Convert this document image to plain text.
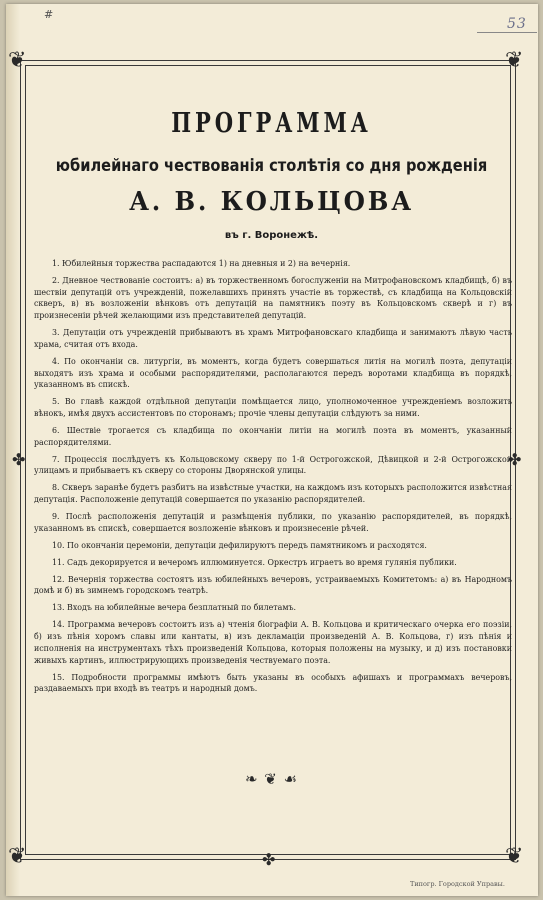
#
53
❦	❦
❦	❦
✤	✤
✤
ПРОГРАММА
юбилейнаго чествованія столѣтія со дня рожденія
А. В. КОЛЬЦОВА
въ г. Воронежѣ.
1. Юбилейныя торжества распадаются 1) на дневныя и 2) на вечернія.
2. Дневное чествованіе состоитъ: а) въ торжественномъ богослуженіи на Митрофановскомъ кладбищѣ, б) въ шествіи депутацій отъ учрежденій, пожелавшихъ принять участіе въ торжествѣ, съ кладбища на Кольцовскій скверъ, в) въ возложеніи вѣнковъ отъ депутацій на памятникъ поэту въ Кольцовскомъ скверѣ и г) въ произнесеніи рѣчей желающими изъ представителей депутацій.
3. Депутаціи отъ учрежденій прибываютъ въ храмъ Митрофановскаго кладбища и занимаютъ лѣвую часть храма, считая отъ входа.
4. По окончаніи св. литургіи, въ моментъ, когда будетъ совершаться литія на могилѣ поэта, депутаціи выходятъ изъ храма и особыми распорядителями, располагаются передъ воротами кладбища въ порядкѣ, указанномъ въ спискѣ.
5. Во главѣ каждой отдѣльной депутаціи помѣщается лицо, уполномоченное учрежденіемъ возложить вѣнокъ, имѣя двухъ ассистентовъ по сторонамъ; прочіе члены депутаціи слѣдуютъ за ними.
6. Шествіе трогается съ кладбища по окончаніи литіи на могилѣ поэта въ моментъ, указанный распорядителями.
7. Процессія послѣдуетъ къ Кольцовскому скверу по 1-й Острогожской, Дѣвицкой и 2-й Острогожской улицамъ и прибываетъ къ скверу со стороны Дворянской улицы.
8. Скверъ заранѣе будетъ разбитъ на извѣстные участки, на каждомъ изъ которыхъ расположится извѣстная депутація. Расположеніе депутацій совершается по указанію распорядителей.
9. Послѣ расположенія депутацій и размѣщенія публики, по указанію распорядителей, въ порядкѣ, указанномъ въ спискѣ, совершается возложеніе вѣнковъ и произнесеніе рѣчей.
10. По окончаніи церемоніи, депутаціи дефилируютъ передъ памятникомъ и расходятся.
11. Садъ декорируется и вечеромъ иллюминуется. Оркестръ играетъ во время гулянія публики.
12. Вечернія торжества состоятъ изъ юбилейныхъ вечеровъ, устраиваемыхъ Комитетомъ: а) въ Народномъ домѣ и б) въ зимнемъ городскомъ театрѣ.
13. Входъ на юбилейные вечера безплатный по билетамъ.
14. Программа вечеровъ состоитъ изъ а) чтенія біографіи А. В. Кольцова и критическаго очерка его поэзіи, б) изъ пѣнія хоромъ славы или кантаты, в) изъ декламаціи произведеній А. В. Кольцова, г) изъ пѣнія и исполненія на инструментахъ тѣхъ произведеній Кольцова, которыя положены на музыку, и д) изъ постановки живыхъ картинъ, иллюстрирующихъ произведенія чествуемаго поэта.
15. Подробности программы имѣютъ быть указаны въ особыхъ афишахъ и программахъ вечеровъ, раздаваемыхъ при входѣ въ театръ и народный домъ.
❧ ❦ ☙
Типогр. Городской Управы.
